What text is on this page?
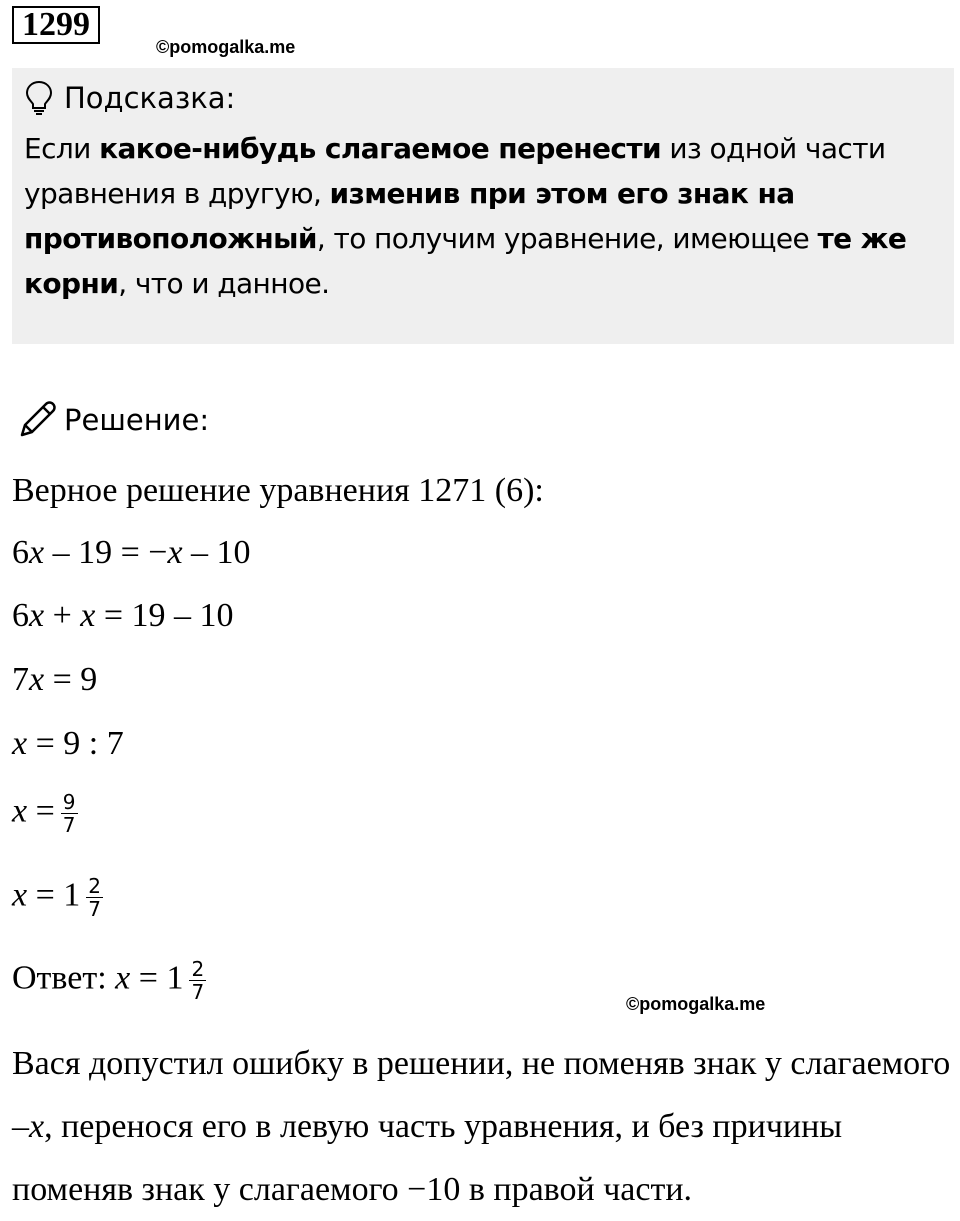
1299
©pomogalka.me
Подсказка:
Если какое-нибудь слагаемое перенести из одной части уравнения в другую, изменив при этом его знак на противоположный, то получим уравнение, имеющее те же корни, что и данное.
Решение:
Верное решение уравнения 1271 (6):
6x – 19 = −x – 10
6x + x = 19 – 10
7x = 9
x = 9 : 7
$x = \frac{9}{7}$
$x = 1 \frac{2}{7}$
Ответ: $x = 1 \frac{2}{7}$
©pomogalka.me
Вася допустил ошибку в решении, не поменяв знак у слагаемого –x, перенося его в левую часть уравнения, и без причины поменяв знак у слагаемого −10 в правой части.
